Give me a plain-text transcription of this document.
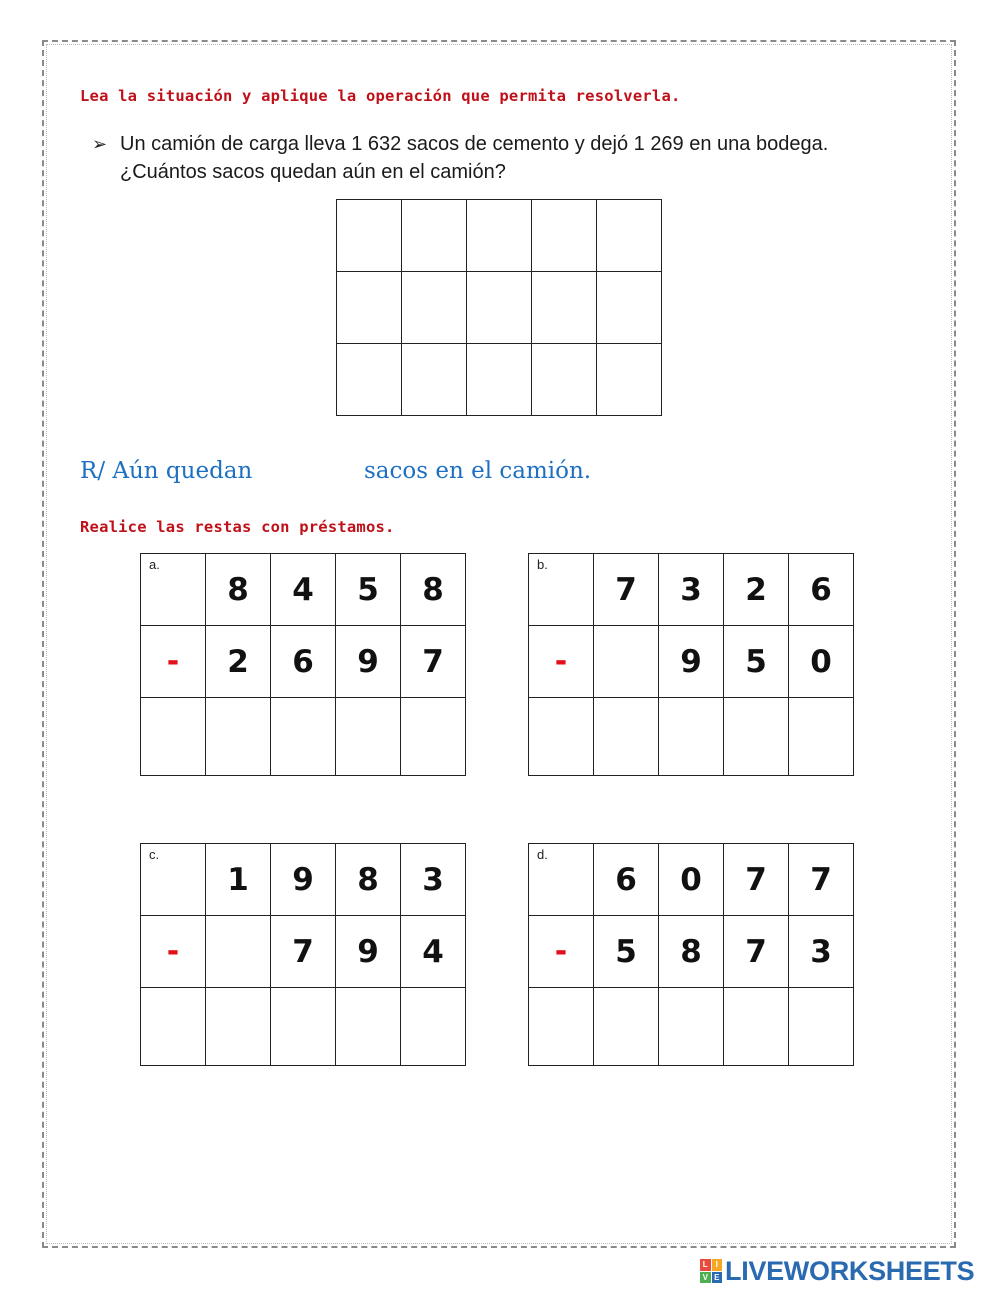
Lea la situación y aplique la operación que permita resolverla.
➢ Un camión de carga lleva 1 632 sacos de cemento y dejó 1 269 en una bodega. ¿Cuántos sacos quedan aún en el camión?

R/ Aún quedan	sacos en el camión.
Realice las restas con préstamos.
a.	8	4	5	8
-	2	6	9	7

b.	7	3	2	6
-		9	5	0

c.	1	9	8	3
-		7	9	4

d.	6	0	7	7
-	5	8	7	3

L I
V E LIVEWORKSHEETS
